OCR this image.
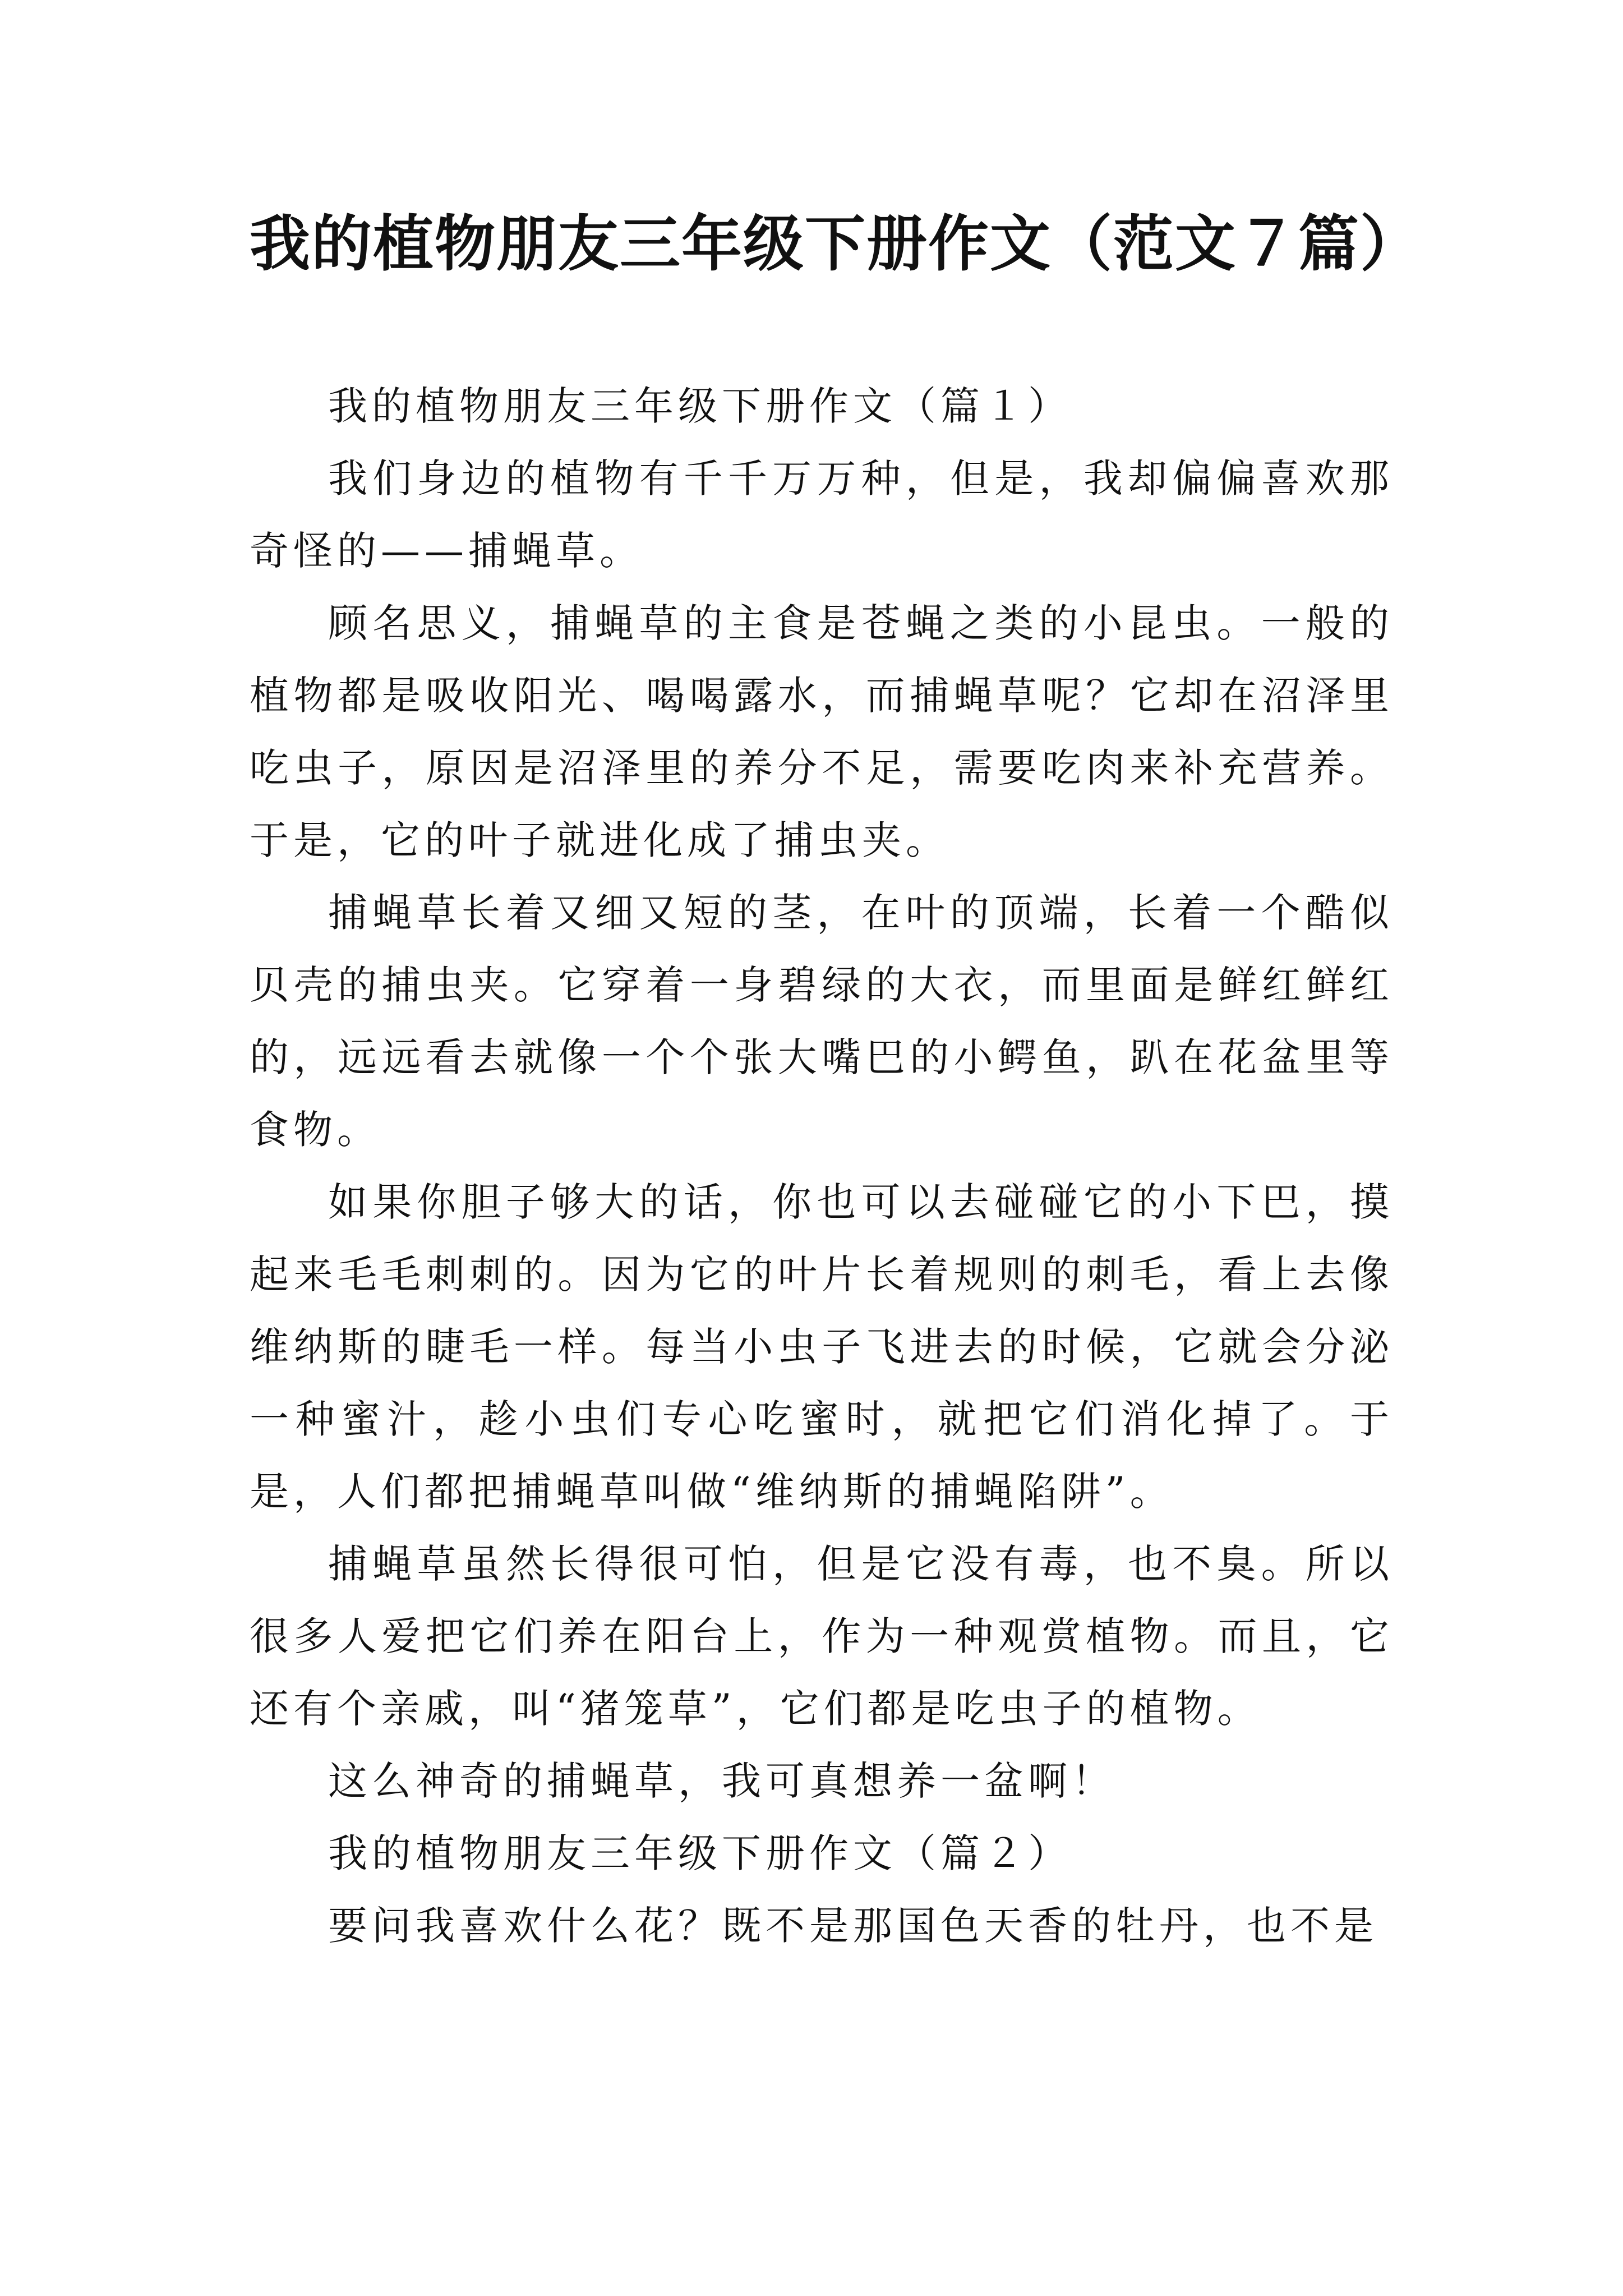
我的植物朋友三年级下册作文（范文７篇）

我的植物朋友三年级下册作文（篇１）

我们身边的植物有千千万万种，但是，我却偏偏喜欢那奇怪的——捕蝇草。

顾名思义，捕蝇草的主食是苍蝇之类的小昆虫。一般的植物都是吸收阳光、喝喝露水，而捕蝇草呢？它却在沼泽里吃虫子，原因是沼泽里的养分不足，需要吃肉来补充营养。于是，它的叶子就进化成了捕虫夹。

捕蝇草长着又细又短的茎，在叶的顶端，长着一个酷似贝壳的捕虫夹。它穿着一身碧绿的大衣，而里面是鲜红鲜红的，远远看去就像一个个张大嘴巴的小鳄鱼，趴在花盆里等食物。

如果你胆子够大的话，你也可以去碰碰它的小下巴，摸起来毛毛刺刺的。因为它的叶片长着规则的刺毛，看上去像维纳斯的睫毛一样。每当小虫子飞进去的时候，它就会分泌一种蜜汁，趁小虫们专心吃蜜时，就把它们消化掉了。于是，人们都把捕蝇草叫做“维纳斯的捕蝇陷阱”。

捕蝇草虽然长得很可怕，但是它没有毒，也不臭。所以很多人爱把它们养在阳台上，作为一种观赏植物。而且，它还有个亲戚，叫“猪笼草”，它们都是吃虫子的植物。

这么神奇的捕蝇草，我可真想养一盆啊！

我的植物朋友三年级下册作文（篇２）

要问我喜欢什么花？既不是那国色天香的牡丹，也不是
